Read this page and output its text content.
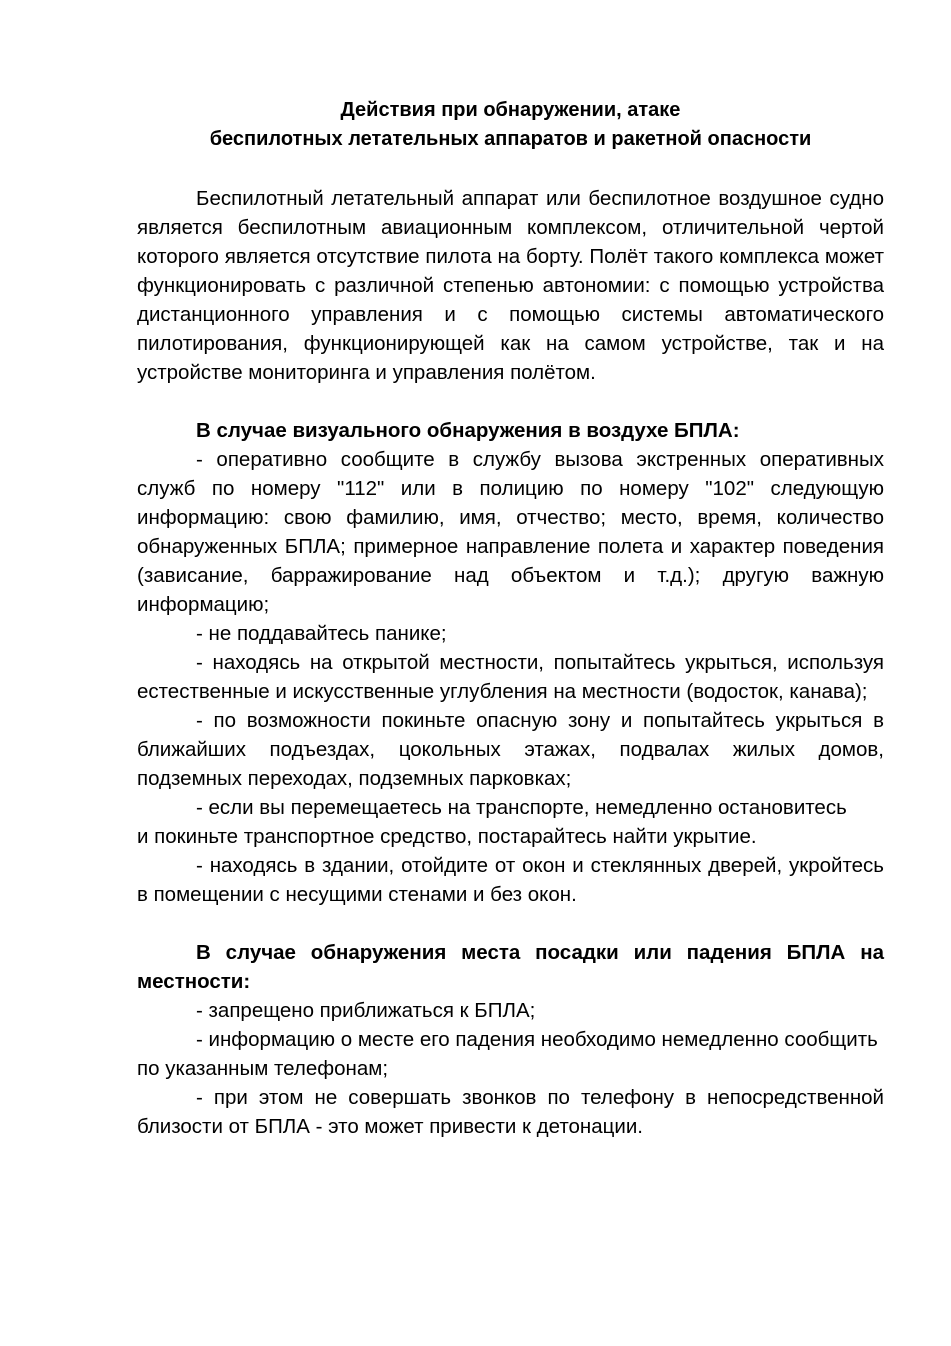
Действия при обнаружении, атаке
беспилотных летательных аппаратов и ракетной опасности

Беспилотный летательный аппарат или беспилотное воздушное судно является беспилотным авиационным комплексом, отличительной чертой которого является отсутствие пилота на борту. Полёт такого комплекса может функционировать с различной степенью автономии: с помощью устройства дистанционного управления и с помощью системы автоматического пилотирования, функционирующей как на самом устройстве, так и на устройстве мониторинга и управления полётом.

В случае визуального обнаружения в воздухе БПЛА:

- оперативно сообщите в службу вызова экстренных оперативных служб по номеру "112" или в полицию по номеру "102" следующую информацию: свою фамилию, имя, отчество; место, время, количество обнаруженных БПЛА; примерное направление полета и характер поведения (зависание, барражирование над объектом и т.д.); другую важную информацию;

- не поддавайтесь панике;

- находясь на открытой местности, попытайтесь укрыться, используя естественные и искусственные углубления на местности (водосток, канава);

- по возможности покиньте опасную зону и попытайтесь укрыться в ближайших подъездах, цокольных этажах, подвалах жилых домов, подземных переходах, подземных парковках;

- если вы перемещаетесь на транспорте, немедленно остановитесь

и покиньте транспортное средство, постарайтесь найти укрытие.

- находясь в здании, отойдите от окон и стеклянных дверей, укройтесь в помещении с несущими стенами и без окон.

В случае обнаружения места посадки или падения БПЛА на местности:

- запрещено приближаться к БПЛА;

- информацию о месте его падения необходимо немедленно сообщить

по указанным телефонам;

- при этом не совершать звонков по телефону в непосредственной близости от БПЛА - это может привести к детонации.
